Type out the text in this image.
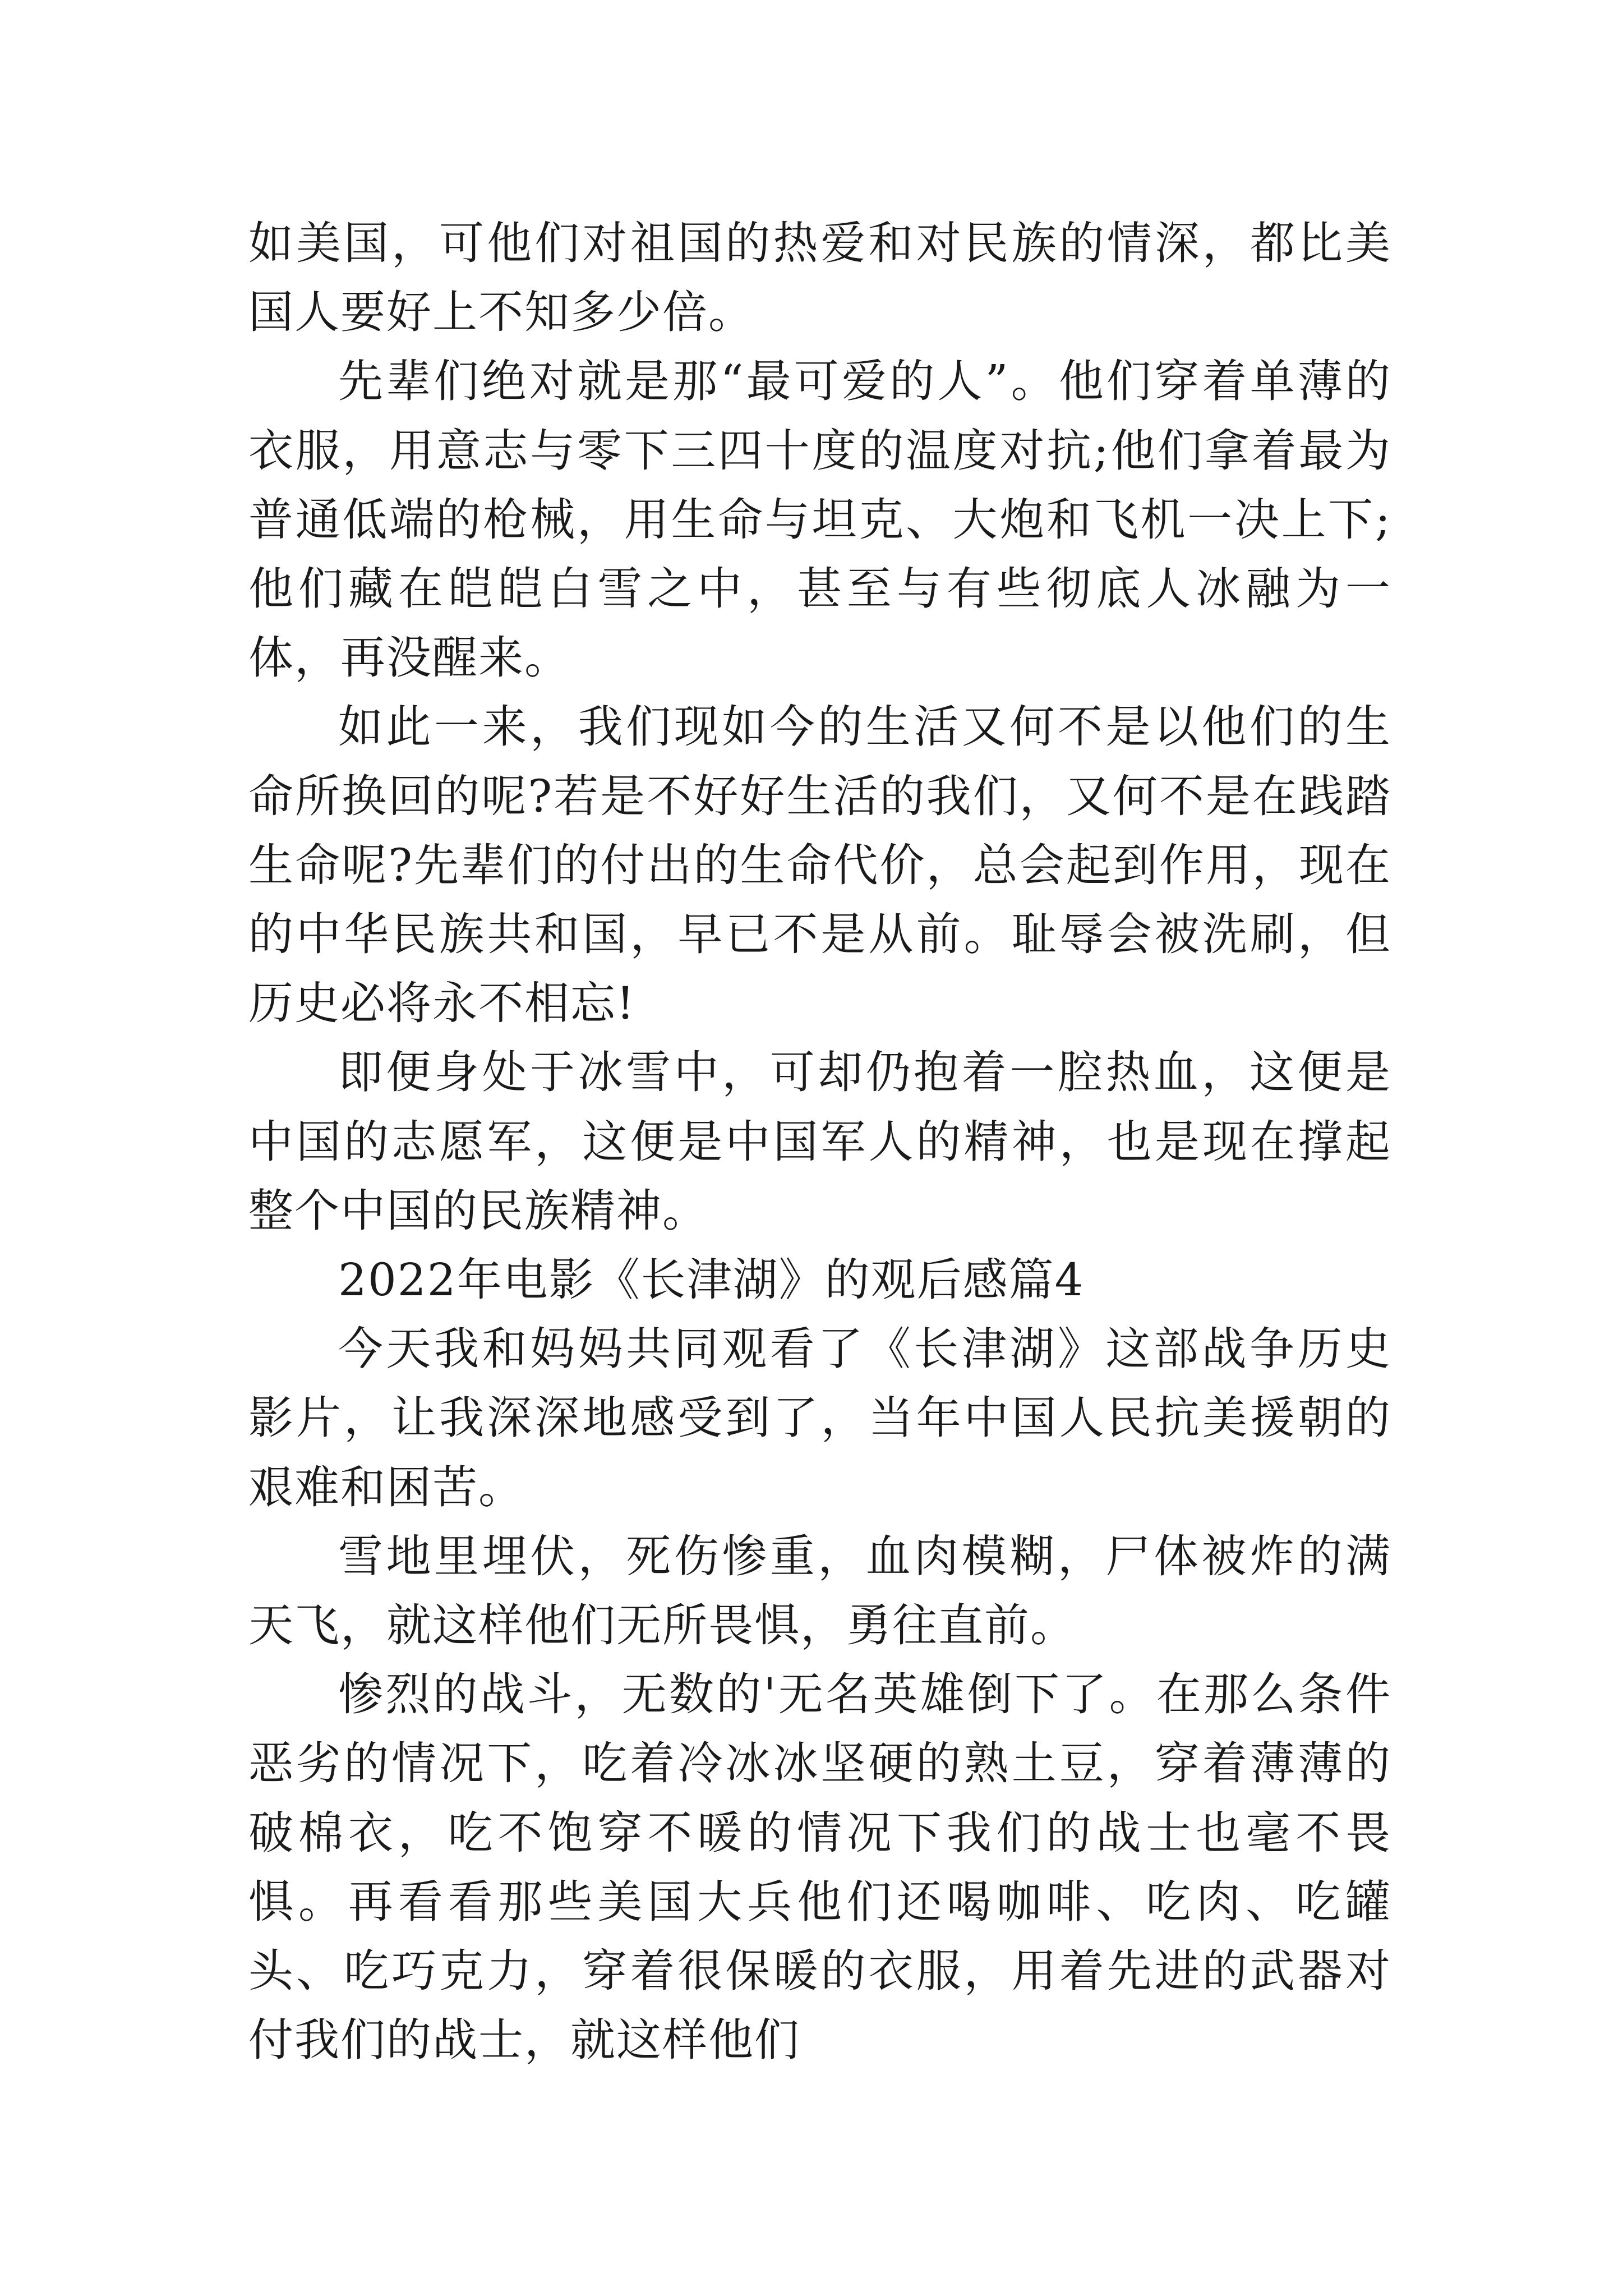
如美国，可他们对祖国的热爱和对民族的情深，都比美国人要好上不知多少倍。

先辈们绝对就是那“最可爱的人”。他们穿着单薄的衣服，用意志与零下三四十度的温度对抗;他们拿着最为普通低端的枪械，用生命与坦克、大炮和飞机一决上下;他们藏在皑皑白雪之中，甚至与有些彻底人冰融为一体，再没醒来。

如此一来，我们现如今的生活又何不是以他们的生命所换回的呢?若是不好好生活的我们，又何不是在践踏生命呢?先辈们的付出的生命代价，总会起到作用，现在的中华民族共和国，早已不是从前。耻辱会被洗刷，但历史必将永不相忘!

即便身处于冰雪中，可却仍抱着一腔热血，这便是中国的志愿军，这便是中国军人的精神，也是现在撑起整个中国的民族精神。

2022年电影《长津湖》的观后感篇4

今天我和妈妈共同观看了《长津湖》这部战争历史影片，让我深深地感受到了，当年中国人民抗美援朝的艰难和困苦。

雪地里埋伏，死伤惨重，血肉模糊，尸体被炸的满天飞，就这样他们无所畏惧，勇往直前。

惨烈的战斗，无数的'无名英雄倒下了。在那么条件恶劣的情况下，吃着冷冰冰坚硬的熟土豆，穿着薄薄的破棉衣，吃不饱穿不暖的情况下我们的战士也毫不畏惧。再看看那些美国大兵他们还喝咖啡、吃肉、吃罐头、吃巧克力，穿着很保暖的衣服，用着先进的武器对付我们的战士，就这样他们
